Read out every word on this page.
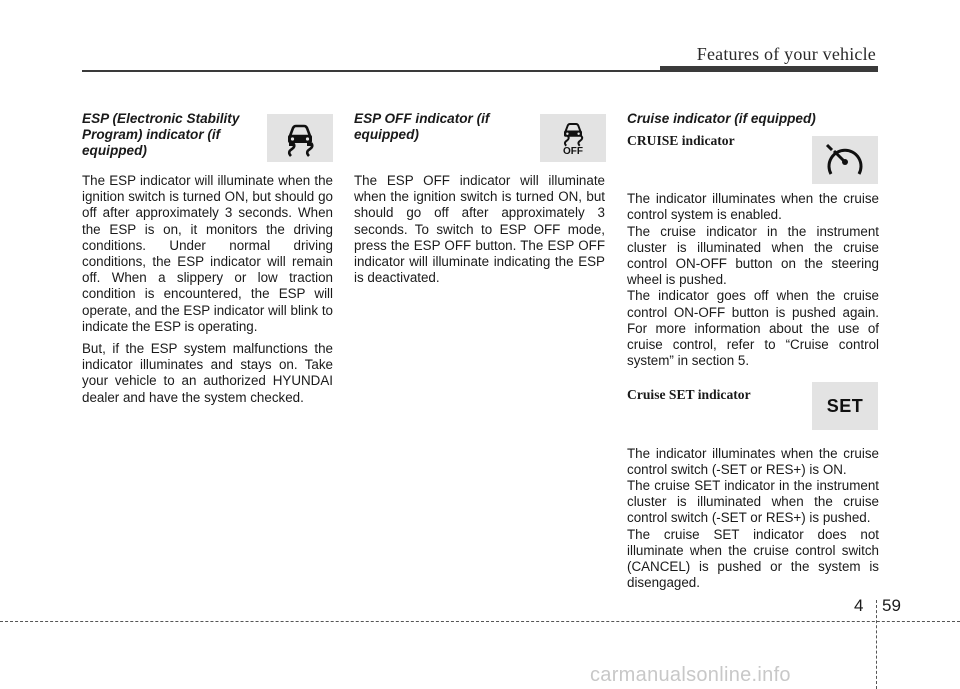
Features of your vehicle
ESP (Electronic Stability Program) indicator (if equipped)

The ESP indicator will illuminate when the ignition switch is turned ON, but should go off after approximately 3 seconds. When the ESP is on, it monitors the driving conditions. Under normal driving conditions, the ESP indicator will remain off. When a slippery or low traction condition is encountered, the ESP will operate, and the ESP indicator will blink to indicate the ESP is operating.

But, if the ESP system malfunctions the indicator illuminates and stays on. Take your vehicle to an authorized HYUNDAI dealer and have the system checked.

ESP OFF indicator (if equipped)

The ESP OFF indicator will illuminate when the ignition switch is turned ON, but should go off after approximately 3 seconds. To switch to ESP OFF mode, press the ESP OFF button. The ESP OFF indicator will illuminate indicating the ESP is deactivated.

OFF
Cruise indicator (if equipped)
CRUISE indicator

The indicator illuminates when the cruise control system is enabled.

The cruise indicator in the instrument cluster is illuminated when the cruise control ON-OFF button on the steering wheel is pushed.

The indicator goes off when the cruise control ON-OFF button is pushed again. For more information about the use of cruise control, refer to “Cruise control system” in section 5.

Cruise SET indicator

The indicator illuminates when the cruise control switch (-SET or RES+) is ON.

The cruise SET indicator in the instrument cluster is illuminated when the cruise control switch (-SET or RES+) is pushed.

The cruise SET indicator does not illuminate when the cruise control switch (CANCEL) is pushed or the system is disengaged.

SET
4 59
carmanualsonline.info
